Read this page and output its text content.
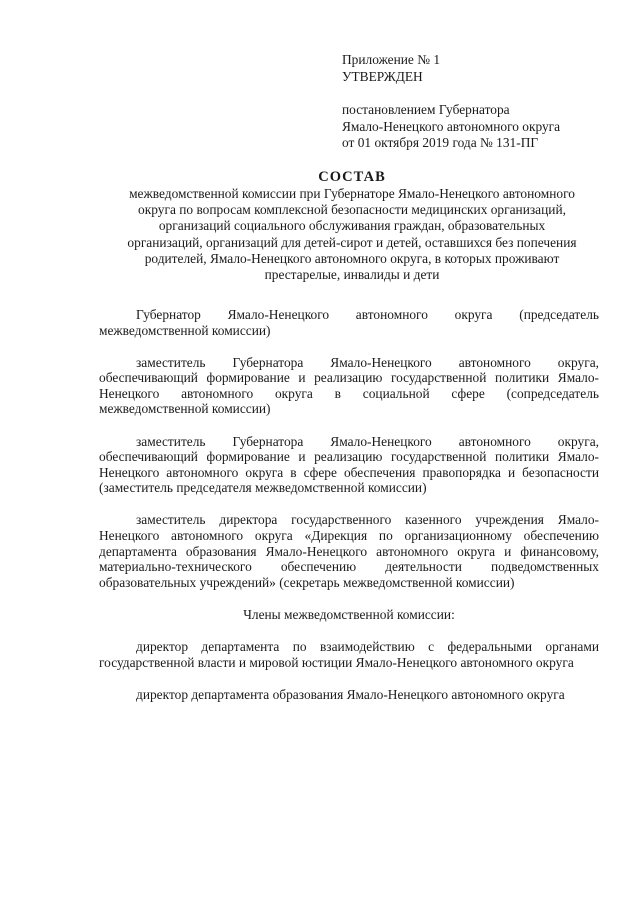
Приложение № 1
УТВЕРЖДЕН
постановлением Губернатора
Ямало-Ненецкого автономного округа
от 01 октября 2019 года № 131-ПГ
СОСТАВ
межведомственной комиссии при Губернаторе Ямало-Ненецкого автономного
округа по вопросам комплексной безопасности медицинских организаций,
организаций социального обслуживания граждан, образовательных
организаций, организаций для детей-сирот и детей, оставшихся без попечения
родителей, Ямало-Ненецкого автономного округа, в которых проживают
престарелые, инвалиды и дети

Губернатор Ямало-Ненецкого автономного округа (председатель межведомственной комиссии)

заместитель Губернатора Ямало-Ненецкого автономного округа, обеспечивающий формирование и реализацию государственной политики Ямало-Ненецкого автономного округа в социальной сфере (сопредседатель межведомственной комиссии)

заместитель Губернатора Ямало-Ненецкого автономного округа, обеспечивающий формирование и реализацию государственной политики Ямало-Ненецкого автономного округа в сфере обеспечения правопорядка и безопасности (заместитель председателя межведомственной комиссии)

заместитель директора государственного казенного учреждения Ямало-Ненецкого автономного округа «Дирекция по организационному обеспечению департамента образования Ямало-Ненецкого автономного округа и финансовому, материально-технического обеспечению деятельности подведомственных образовательных учреждений» (секретарь межведомственной комиссии)

Члены межведомственной комиссии:

директор департамента по взаимодействию с федеральными органами государственной власти и мировой юстиции Ямало-Ненецкого автономного округа

директор департамента образования Ямало-Ненецкого автономного округа
